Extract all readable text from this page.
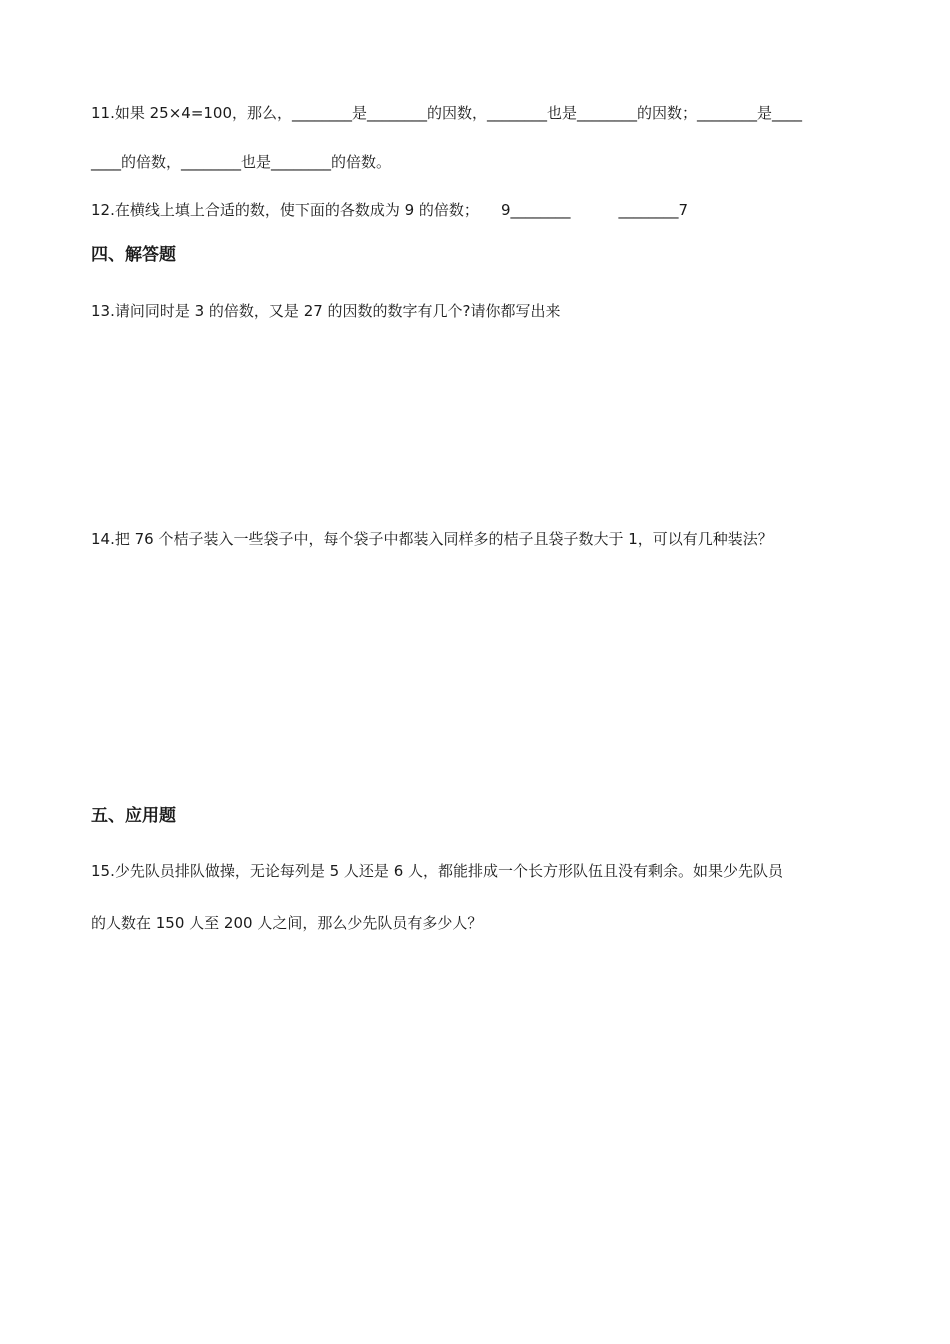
11.如果 25×4=100，那么，________是________的因数，________也是________的因数；________是____

____的倍数，________也是________的倍数。

12.在横线上填上合适的数，使下面的各数成为 9 的倍数； 9________	________7

四、解答题

13.请问同时是 3 的倍数，又是 27 的因数的数字有几个?请你都写出来

14.把 76 个桔子装入一些袋子中，每个袋子中都装入同样多的桔子且袋子数大于 1，可以有几种装法？

五、应用题

15.少先队员排队做操，无论每列是 5 人还是 6 人，都能排成一个长方形队伍且没有剩余。如果少先队员

的人数在 150 人至 200 人之间，那么少先队员有多少人？
